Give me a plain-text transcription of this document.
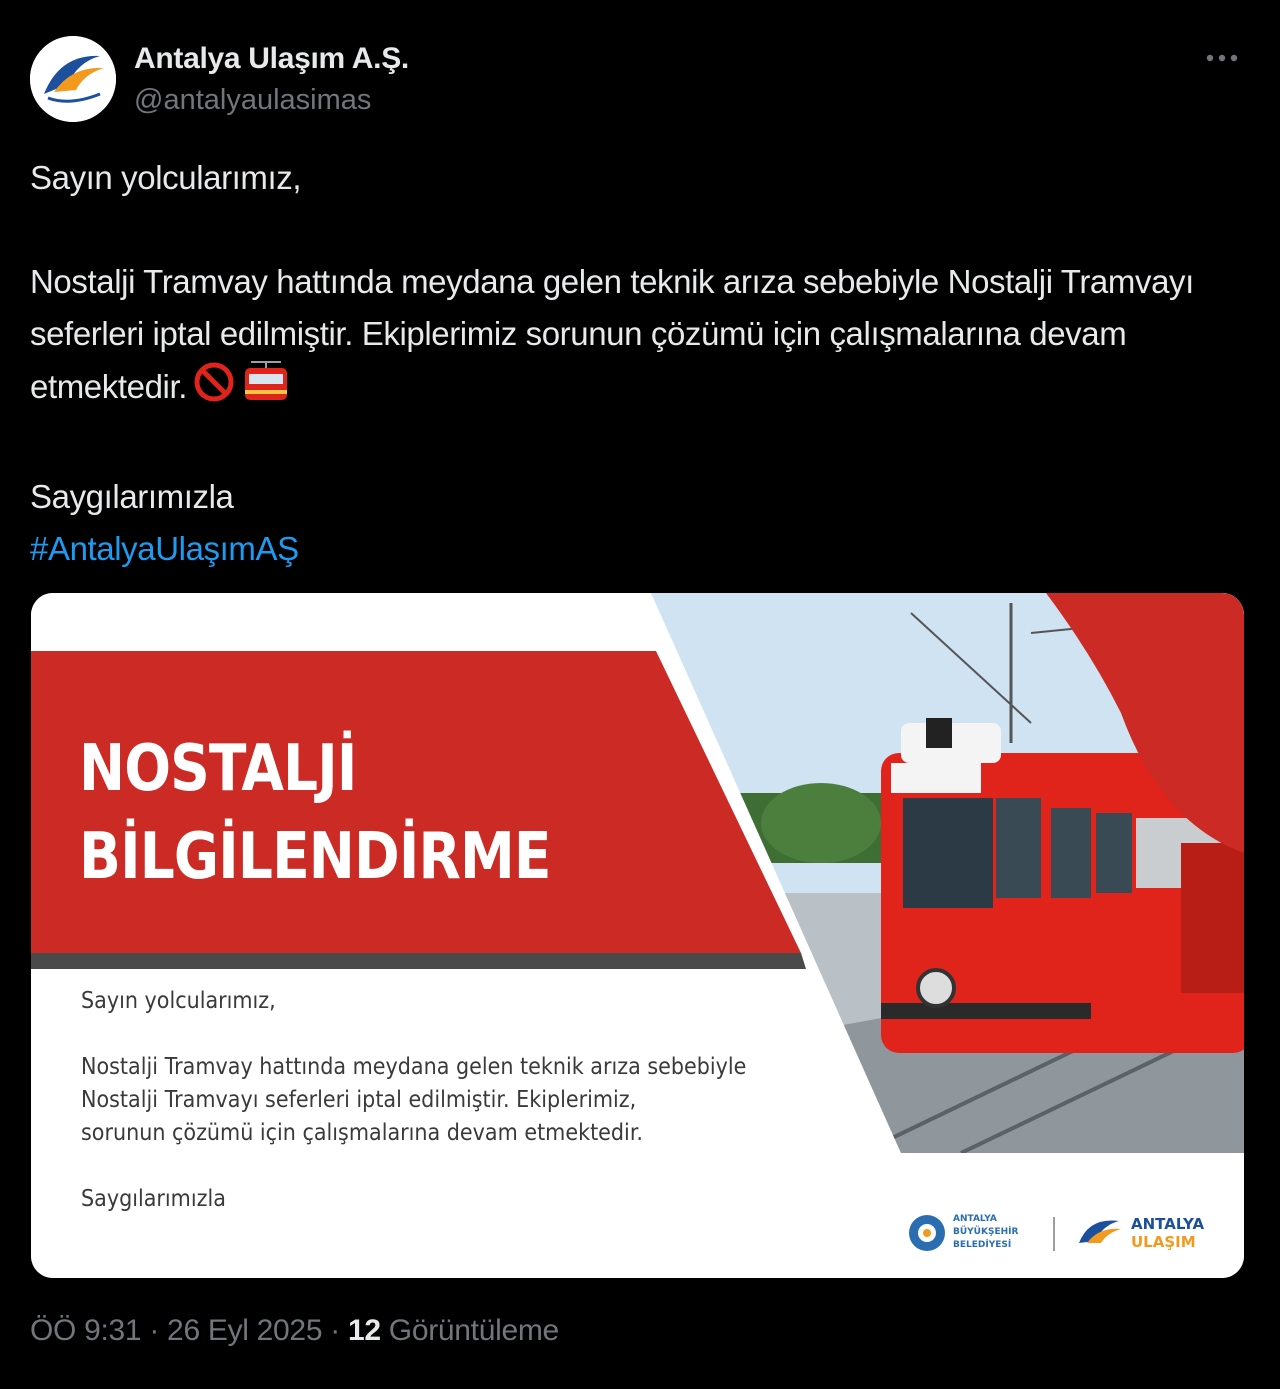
Antalya Ulaşım A.Ş.
@antalyaulasimas

Sayın yolcularımız,

Nostalji Tramvay hattında meydana gelen teknik arıza sebebiyle Nostalji Tramvayı seferleri iptal edilmiştir. Ekiplerimiz sorunun çözümü için çalışmalarına devam etmektedir.

Saygılarımızla

#AntalyaUlaşımAŞ

NOSTALJİ
BİLGİLENDİRME

Sayın yolcularımız,

Nostalji Tramvay hattında meydana gelen teknik arıza sebebiyle

Nostalji Tramvayı seferleri iptal edilmiştir. Ekiplerimiz,

sorunun çözümü için çalışmalarına devam etmektedir.

Saygılarımızla

ANTALYA
BÜYÜKŞEHİR
BELEDİYESİ
ANTALYA
ULAŞIM
ÖÖ 9:31 · 26 Eyl 2025 · 12 Görüntüleme
